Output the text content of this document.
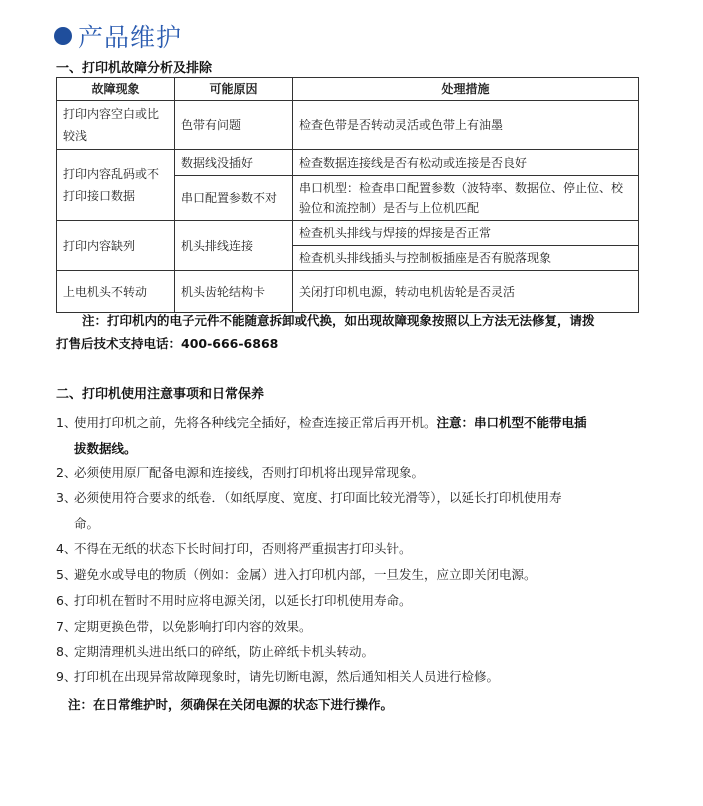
产品维护
一、打印机故障分析及排除
故障现象	可能原因	处理措施
打印内容空白或比较浅	色带有问题	检查色带是否转动灵活或色带上有油墨
打印内容乱码或不打印接口数据	数据线没插好	检查数据连接线是否有松动或连接是否良好
	串口配置参数不对	串口机型：检查串口配置参数（波特率、数据位、停止位、校验位和流控制）是否与上位机匹配
打印内容缺列	机头排线连接	检查机头排线与焊接的焊接是否正常
		检查机头排线插头与控制板插座是否有脱落现象
上电机头不转动	机头齿轮结构卡	关闭打印机电源，转动电机齿轮是否灵活
注：打印机内的电子元件不能随意拆卸或代换，如出现故障现象按照以上方法无法修复，请拨
打售后技术支持电话：400-666-6868
二、打印机使用注意事项和日常保养
1、使用打印机之前，先将各种线完全插好，检查连接正常后再开机。注意：串口机型不能带电插
拔数据线。
2、必须使用原厂配备电源和连接线，否则打印机将出现异常现象。
3、必须使用符合要求的纸卷．（如纸厚度、宽度、打印面比较光滑等），以延长打印机使用寿
命。
4、不得在无纸的状态下长时间打印，否则将严重损害打印头针。
5、避免水或导电的物质（例如：金属）进入打印机内部，一旦发生，应立即关闭电源。
6、打印机在暂时不用时应将电源关闭，以延长打印机使用寿命。
7、定期更换色带，以免影响打印内容的效果。
8、定期清理机头进出纸口的碎纸，防止碎纸卡机头转动。
9、打印机在出现异常故障现象时，请先切断电源，然后通知相关人员进行检修。
注：在日常维护时，须确保在关闭电源的状态下进行操作。
